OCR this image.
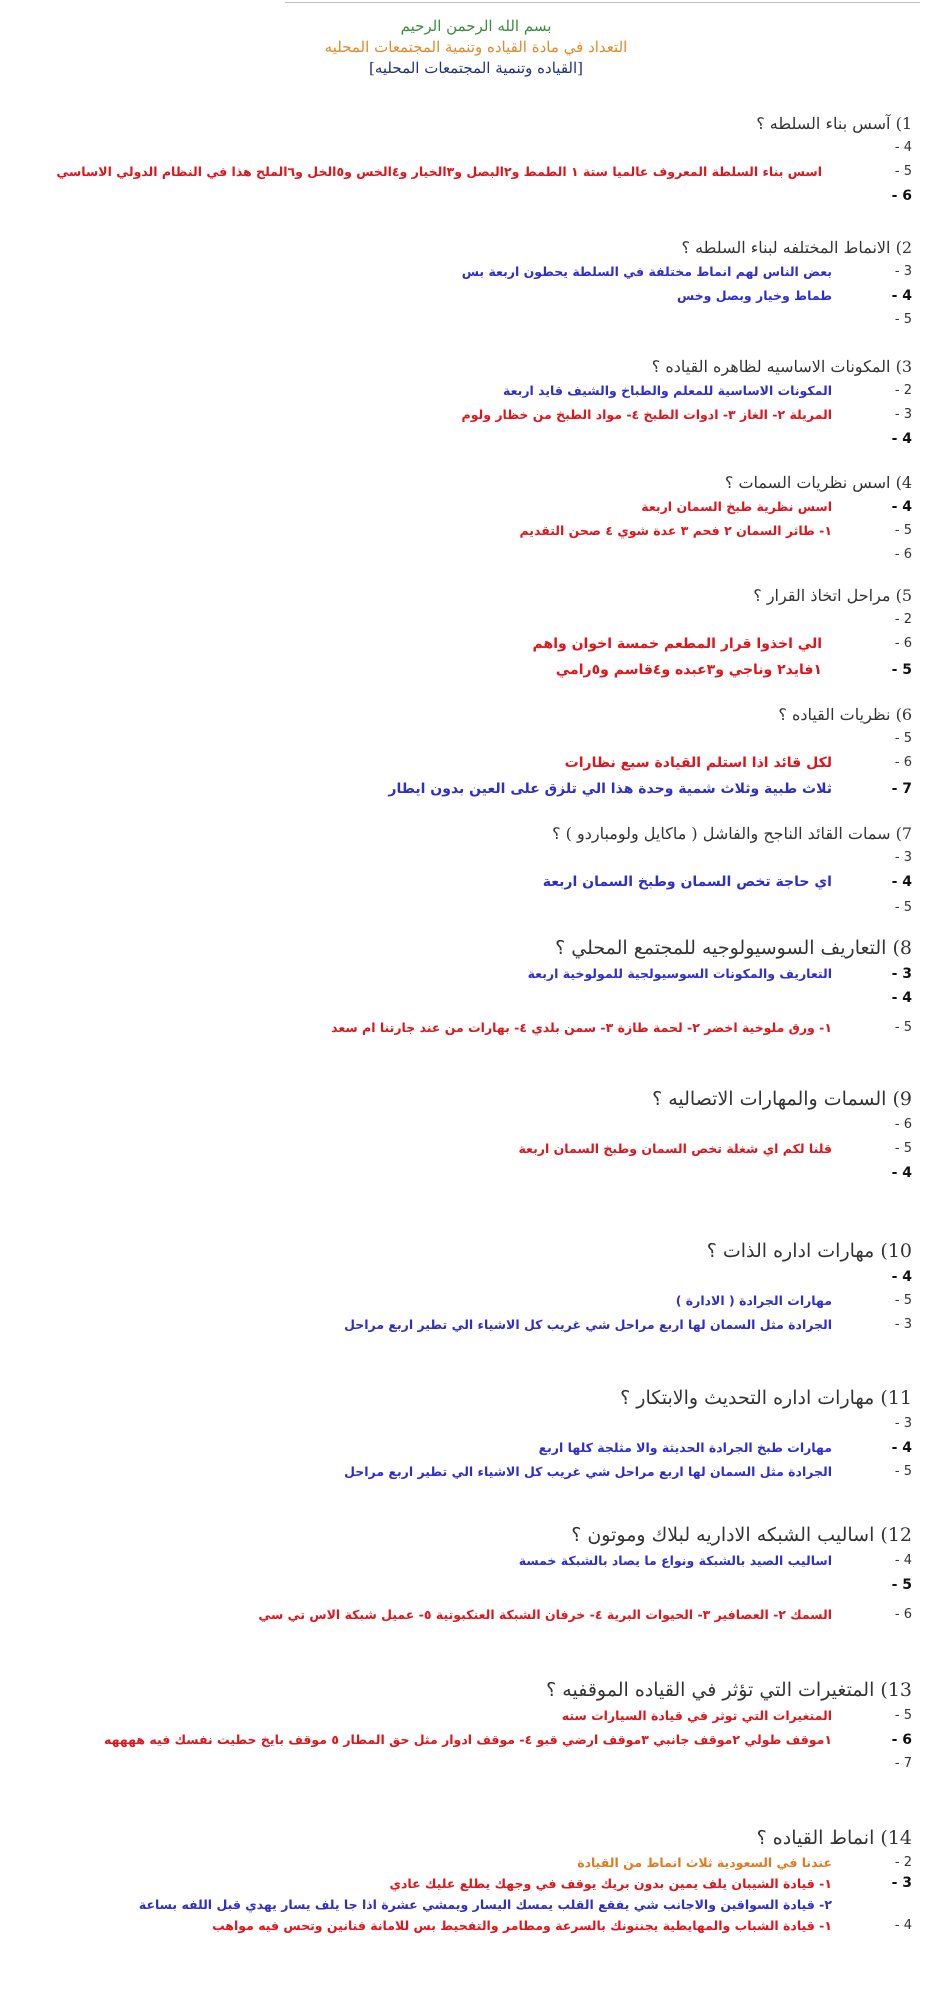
بسم الله الرحمن الرحيم
التعداد في مادة القياده وتنمية المجتمعات المحليه
[القياده وتنمية المجتمعات المحليه]
1) آسس بناء السلطه ؟
4 -
5 -
اسس بناء السلطة المعروف عالميا ستة ١ الطمط و٢البصل و٣الخيار و٤الخس و٥الخل و٦الملح هذا في النظام الدولي الاساسي
6 -
2) الانماط المختلفه لبناء السلطه ؟
3 -
بعض الناس لهم انماط مختلفة في السلطة يحطون اربعة بس
4 -
طماط وخيار وبصل وخس
5 -
3) المكونات الاساسيه لظاهره القياده ؟
2 -
المكونات الاساسية للمعلم والطباخ والشيف قايد اربعة
3 -
المريلة ٢- الغاز ٣- ادوات الطبخ ٤- مواد الطبخ من خظار ولوم
4 -
4) اسس نظريات السمات ؟
4 -
اسس نظرية طبخ السمان اربعة
5 -
١- طاثر السمان ٢ فحم ٣ عدة شوي ٤ صحن التقديم
6 -
5) مراحل اتخاذ القرار ؟
2 -
6 -
الي اخذوا قرار المطعم خمسة اخوان واهم
5 -
١فايد٢ وناجي و٣عبده و٤قاسم و٥رامي
6) نظريات القياده ؟
5 -
6 -
لكل قائد اذا استلم القيادة سبع نظارات
7 -
ثلاث طبية وثلاث شمية وحدة هذا الي تلزق على العين بدون ايطار
7) سمات القائد الناجح والفاشل ( ماكايل ولومباردو ) ؟
3 -
4 -
اي حاجة تخص السمان وطبخ السمان اربعة
5 -
8) التعاريف السوسيولوجيه للمجتمع المحلي ؟
3 -
التعاريف والمكونات السوسيولجية للمولوخية اربعة
4 -
5 -
١- ورق ملوخية اخضر ٢- لحمة طازة ٣- سمن بلدي ٤- بهارات من عند جارتنا ام سعد
9) السمات والمهارات الاتصاليه ؟
6 -
5 -
قلنا لكم اي شغلة تخص السمان وطبخ السمان اربعة
4 -
10) مهارات اداره الذات ؟
4 -
5 -
مهارات الجرادة ( الادارة )
3 -
الجرادة مثل السمان لها اربع مراحل شي غريب كل الاشياء الي تطير اربع مراحل
11) مهارات اداره التحديث والابتكار ؟
3 -
4 -
مهارات طبخ الجرادة الحديثة والا مثلجة كلها اربع
5 -
الجرادة مثل السمان لها اربع مراحل شي غريب كل الاشياء الي تطير اربع مراحل
12) اساليب الشبكه الاداريه لبلاك وموتون ؟
4 -
اساليب الصيد بالشبكة ونواع ما يصاد بالشبكة خمسة
5 -
6 -
السمك ٢- العصافير ٣- الحيوات البرية ٤- خرفان الشبكة العنكبوتية ٥- عميل شبكة الاس تي سي
13) المتغيرات التي تؤثر في القياده الموقفيه ؟
5 -
المتغيرات التي توثر في قيادة السيارات سته
6 -
١موقف طولي ٢موقف جانبي ٣موقف ارضي قبو ٤- موقف ادوار مثل حق المطار ٥ موقف بايخ حطيت نفسك فيه ههههه
7 -
14) انماط القياده ؟
2 -
عندنا في السعودية ثلاث انماط من القيادة
3 -
١- قيادة الشيبان يلف يمين بدون بريك يوقف في وجهك يطلع عليك عادي
٢- قيادة السواقين والاجانب شي يفقع القلب يمسك اليسار ويمشي عشرة اذا جا يلف يسار يهدي قبل اللفه بساعة
4 -
١- قيادة الشباب والمهايطية يجننونك بالسرعة ومطامر والتفحيط بس للامانة فنانين وتحس فيه مواهب
